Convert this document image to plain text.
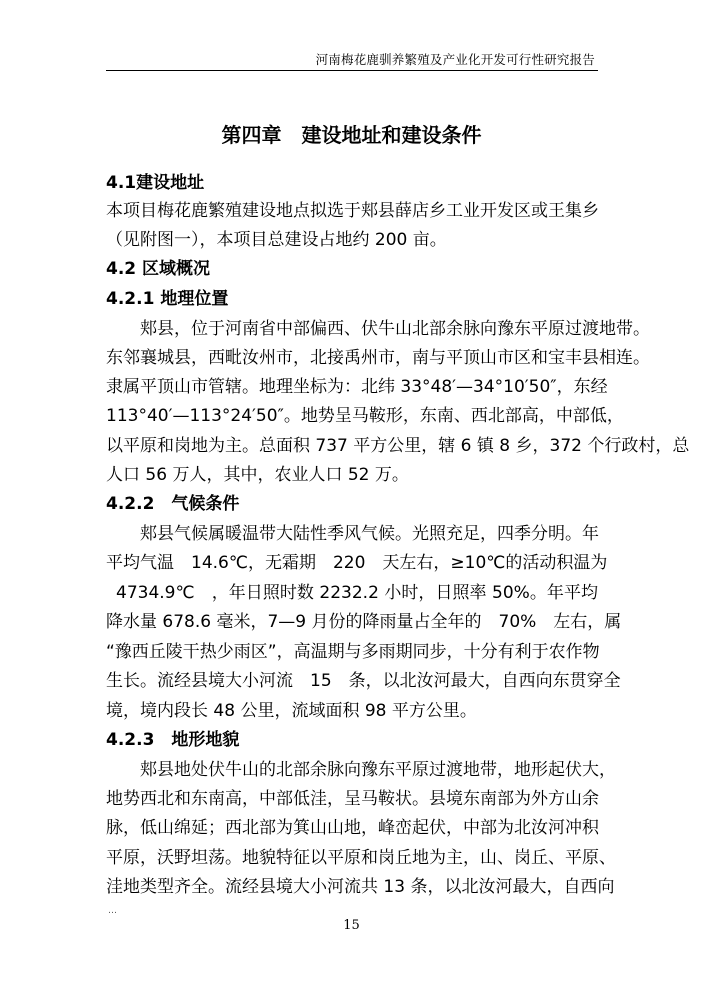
河南梅花鹿驯养繁殖及产业化开发可行性研究报告
第四章　建设地址和建设条件
4.1建设地址
本项目梅花鹿繁殖建设地点拟选于郏县薛店乡工业开发区或王集乡
（见附图一），本项目总建设占地约 200 亩。
4.2 区域概况
4.2.1 地理位置
郏县，位于河南省中部偏西、伏牛山北部余脉向豫东平原过渡地带。
东邻襄城县，西毗汝州市，北接禹州市，南与平顶山市区和宝丰县相连。
隶属平顶山市管辖。地理坐标为：北纬 33°48′—34°10′50″，东经
113°40′—113°24′50″。地势呈马鞍形，东南、西北部高，中部低，
以平原和岗地为主。总面积 737 平方公里，辖 6 镇 8 乡，372 个行政村，总
人口 56 万人，其中，农业人口 52 万。
4.2.2　气候条件
郏县气候属暖温带大陆性季风气候。光照充足，四季分明。年
平均气温　14.6℃，无霜期　220　天左右，≥10℃的活动积温为
4734.9℃　，年日照时数 2232.2 小时，日照率 50%。年平均
降水量 678.6 毫米，7—9 月份的降雨量占全年的　70%　左右，属
“豫西丘陵干热少雨区”，高温期与多雨期同步，十分有利于农作物
生长。流经县境大小河流　15　条，以北汝河最大，自西向东贯穿全
境，境内段长 48 公里，流域面积 98 平方公里。
4.2.3　地形地貌
郏县地处伏牛山的北部余脉向豫东平原过渡地带，地形起伏大，
地势西北和东南高，中部低洼，呈马鞍状。县境东南部为外方山余
脉，低山绵延；西北部为箕山山地，峰峦起伏，中部为北汝河冲积
平原，沃野坦荡。地貌特征以平原和岗丘地为主，山、岗丘、平原、
洼地类型齐全。流经县境大小河流共 13 条，以北汝河最大，自西向
…
15
